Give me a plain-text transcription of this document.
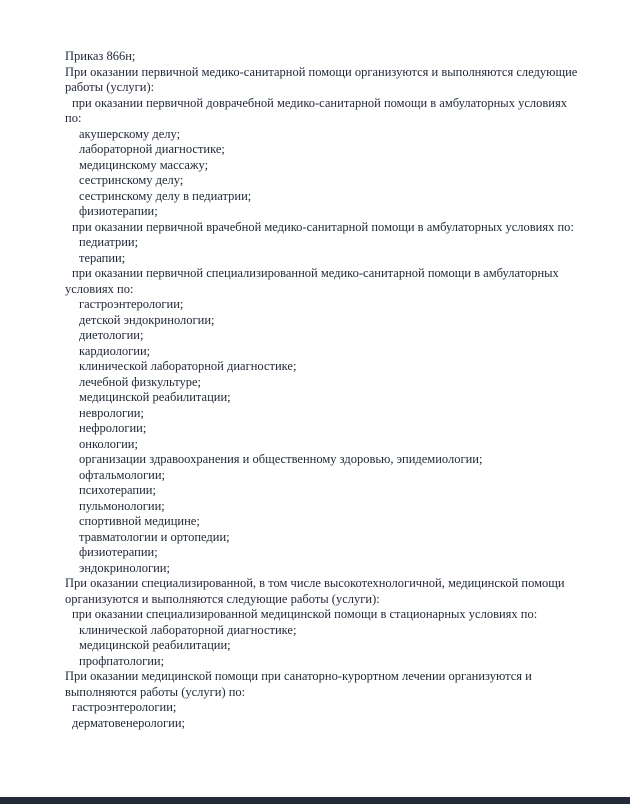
Приказ 866н;
При оказании первичной медико-санитарной помощи организуются и выполняются следующие
работы (услуги):
при оказании первичной доврачебной медико-санитарной помощи в амбулаторных условиях
по:
акушерскому делу;
лабораторной диагностике;
медицинскому массажу;
сестринскому делу;
сестринскому делу в педиатрии;
физиотерапии;
при оказании первичной врачебной медико-санитарной помощи в амбулаторных условиях по:
педиатрии;
терапии;
при оказании первичной специализированной медико-санитарной помощи в амбулаторных
условиях по:
гастроэнтерологии;
детской эндокринологии;
диетологии;
кардиологии;
клинической лабораторной диагностике;
лечебной физкультуре;
медицинской реабилитации;
неврологии;
нефрологии;
онкологии;
организации здравоохранения и общественному здоровью, эпидемиологии;
офтальмологии;
психотерапии;
пульмонологии;
спортивной медицине;
травматологии и ортопедии;
физиотерапии;
эндокринологии;
При оказании специализированной, в том числе высокотехнологичной, медицинской помощи
организуются и выполняются следующие работы (услуги):
при оказании специализированной медицинской помощи в стационарных условиях по:
клинической лабораторной диагностике;
медицинской реабилитации;
профпатологии;
При оказании медицинской помощи при санаторно-курортном лечении организуются и
выполняются работы (услуги) по:
гастроэнтерологии;
дерматовенерологии;
